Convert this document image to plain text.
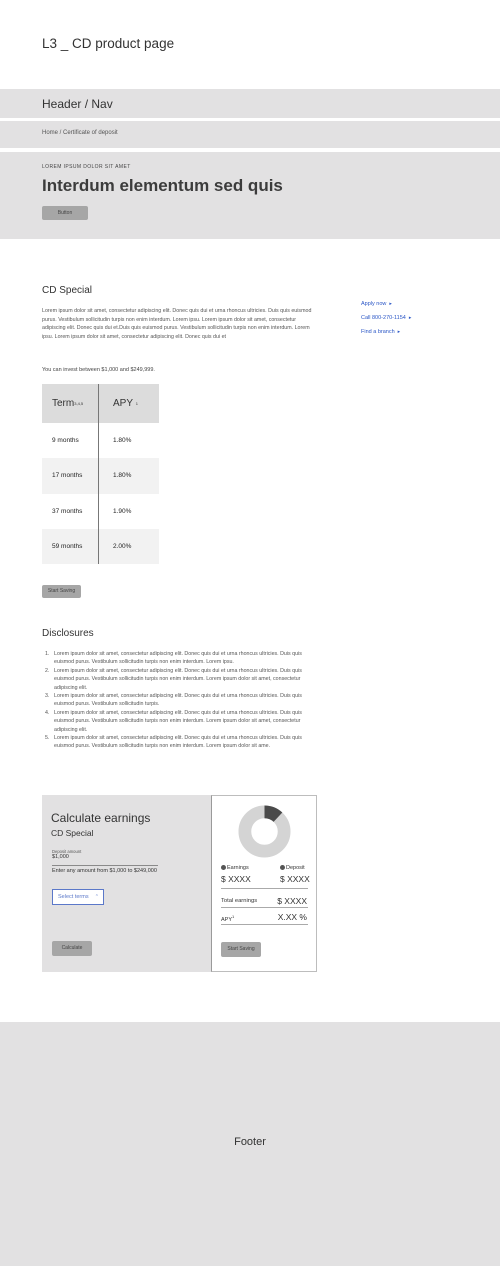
L3 _ CD product page
Header / Nav
Home / Certificate of deposit
LOREM IPSUM DOLOR SIT AMET
Interdum elementum sed quis
Button
CD Special
Lorem ipsum dolor sit amet, consectetur adipiscing elit. Donec quis dui et urna rhoncus ultricies. Duis quis euismod purus. Vestibulum sollicitudin turpis non enim interdum. Lorem ipsu. Lorem ipsum dolor sit amet, consectetur adipiscing elit. Donec quis dui et.Duis quis euismod purus. Vestibulum sollicitudin turpis non enim interdum. Lorem ipsu. Lorem ipsum dolor sit amet, consectetur adipiscing elit. Donec quis dui et
Apply now ▸
Call 800-270-1154 ▸
Find a branch ▸
You can invest between $1,000 and $249,999.
Term 3,4,5	APY
1
9 months	1.80%
17 months	1.80%
37 months	1.90%
59 months	2.00%
Start Saving
Disclosures
1. Lorem ipsum dolor sit amet, consectetur adipiscing elit. Donec quis dui et urna rhoncus ultricies. Duis quis euismod purus. Vestibulum sollicitudin turpis non enim interdum. Lorem ipsu.
2. Lorem ipsum dolor sit amet, consectetur adipiscing elit. Donec quis dui et urna rhoncus ultricies. Duis quis euismod purus. Vestibulum sollicitudin turpis non enim interdum. Lorem ipsum dolor sit amet, consectetur adipiscing elit.
3. Lorem ipsum dolor sit amet, consectetur adipiscing elit. Donec quis dui et urna rhoncus ultricies. Duis quis euismod purus. Vestibulum sollicitudin turpis.
4. Lorem ipsum dolor sit amet, consectetur adipiscing elit. Donec quis dui et urna rhoncus ultricies. Duis quis euismod purus. Vestibulum sollicitudin turpis non enim interdum. Lorem ipsum dolor sit amet, consectetur adipiscing elit.
5. Lorem ipsum dolor sit amet, consectetur adipiscing elit. Donec quis dui et urna rhoncus ultricies. Duis quis euismod purus. Vestibulum sollicitudin turpis non enim interdum. Lorem ipsum dolor sit ame.
Calculate earnings
CD Special
Deposit amount
$1,000
Enter any amount from $1,000 to $249,000
Select terms ⌃
Calculate
Earnings	Deposit
$ XXXX	$ XXXX
Total earnings $ XXXX
APY$^1$	X.XX %
Start Saving
Footer
